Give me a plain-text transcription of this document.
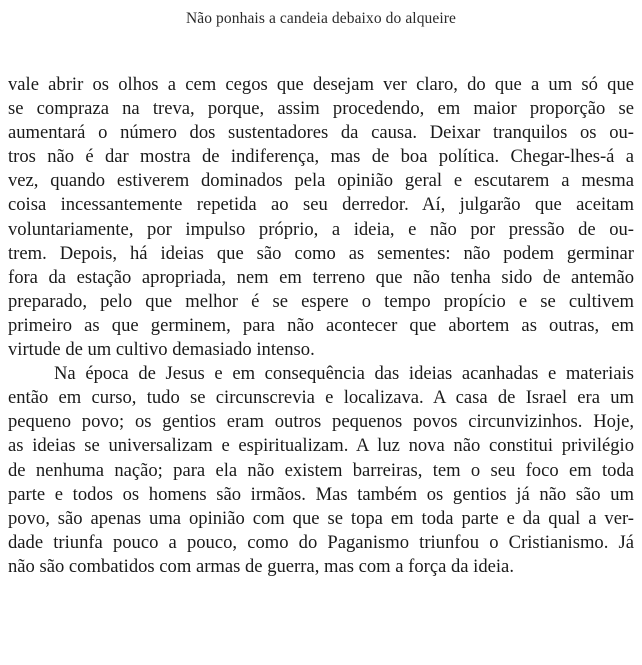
Não ponhais a candeia debaixo do alqueire
vale abrir os olhos a cem cegos que desejam ver claro, do que a um só que
se compraza na treva, porque, assim procedendo, em maior proporção se
aumentará o número dos sustentadores da causa. Deixar tranquilos os ou-
tros não é dar mostra de indiferença, mas de boa política. Chegar-lhes-á a
vez, quando estiverem dominados pela opinião geral e escutarem a mesma
coisa incessantemente repetida ao seu derredor. Aí, julgarão que aceitam
voluntariamente, por impulso próprio, a ideia, e não por pressão de ou-
trem. Depois, há ideias que são como as sementes: não podem germinar
fora da estação apropriada, nem em terreno que não tenha sido de antemão
preparado, pelo que melhor é se espere o tempo propício e se cultivem
primeiro as que germinem, para não acontecer que abortem as outras, em
virtude de um cultivo demasiado intenso.
Na época de Jesus e em consequência das ideias acanhadas e materiais
então em curso, tudo se circunscrevia e localizava. A casa de Israel era um
pequeno povo; os gentios eram outros pequenos povos circunvizinhos. Hoje,
as ideias se universalizam e espiritualizam. A luz nova não constitui privilégio
de nenhuma nação; para ela não existem barreiras, tem o seu foco em toda
parte e todos os homens são irmãos. Mas também os gentios já não são um
povo, são apenas uma opinião com que se topa em toda parte e da qual a ver-
dade triunfa pouco a pouco, como do Paganismo triunfou o Cristianismo. Já
não são combatidos com armas de guerra, mas com a força da ideia.
